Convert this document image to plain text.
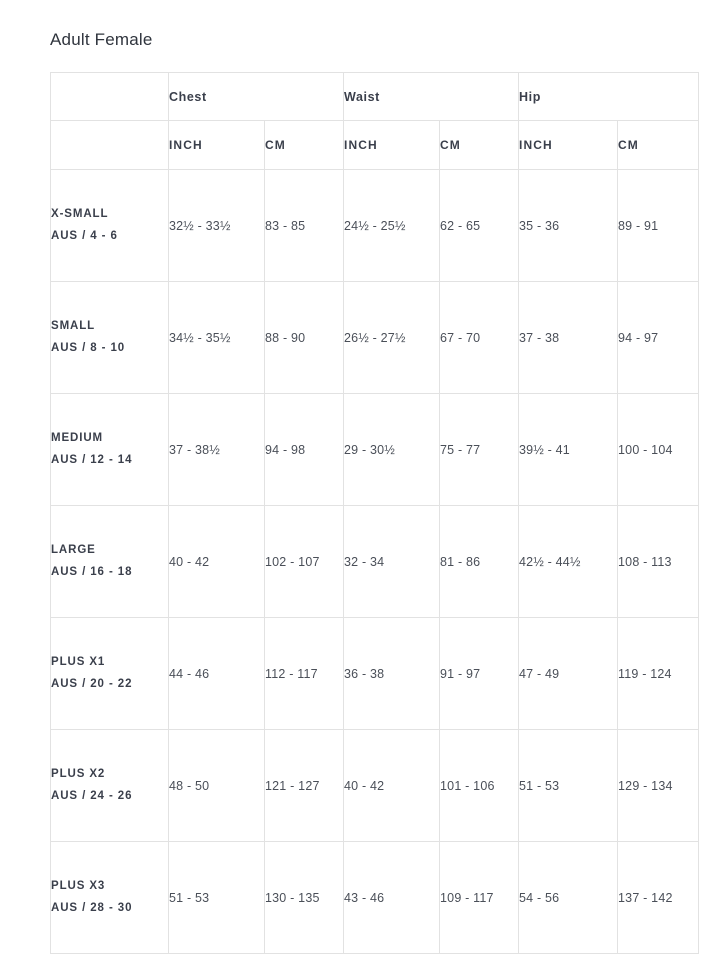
Adult Female
	Chest		Waist		Hip	
	INCH	CM	INCH	CM	INCH	CM

X-SMALL
AUS / 4 - 6	32½ - 33½	83 - 85	24½ - 25½	62 - 65	35 - 36	89 - 91

SMALL
AUS / 8 - 10	34½ - 35½	88 - 90	26½ - 27½	67 - 70	37 - 38	94 - 97

MEDIUM
AUS / 12 - 14	37 - 38½	94 - 98	29 - 30½	75 - 77	39½ - 41	100 - 104

LARGE
AUS / 16 - 18	40 - 42	102 - 107	32 - 34	81 - 86	42½ - 44½	108 - 113

PLUS X1
AUS / 20 - 22	44 - 46	112 - 117	36 - 38	91 - 97	47 - 49	119 - 124

PLUS X2
AUS / 24 - 26	48 - 50	121 - 127	40 - 42	101 - 106	51 - 53	129 - 134

PLUS X3
AUS / 28 - 30	51 - 53	130 - 135	43 - 46	109 - 117	54 - 56	137 - 142
